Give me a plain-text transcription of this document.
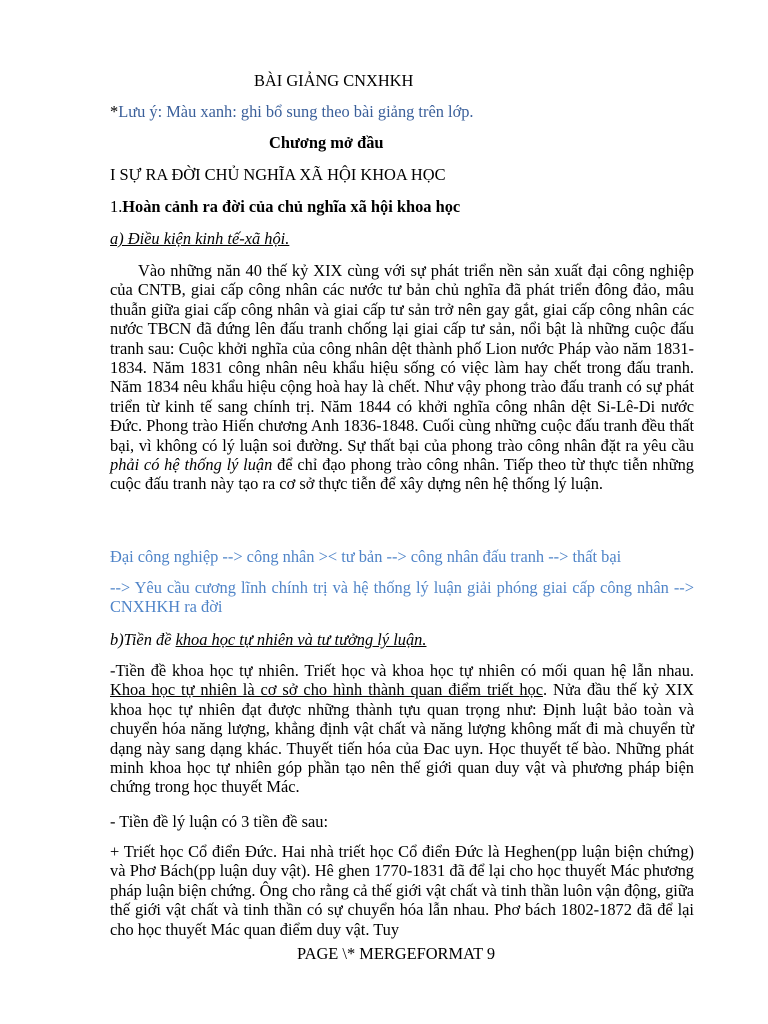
BÀI GIẢNG CNXHKH

*Lưu ý: Màu xanh: ghi bổ sung theo bài giảng trên lớp.

Chương mở đầu

I SỰ RA ĐỜI CHỦ NGHĨA XÃ HỘI KHOA HỌC

1.Hoàn cảnh ra đời của chủ nghĩa xã hội khoa học

a) Điều kiện kinh tế-xã hội.

Vào những năn 40 thế kỷ XIX cùng với sự phát triển nền sản xuất đại công nghiệp của CNTB, giai cấp công nhân các nước tư bản chủ nghĩa đã phát triển đông đảo, mâu thuẫn giữa giai cấp công nhân và giai cấp tư sản trở nên gay gắt, giai cấp công nhân các nước TBCN đã đứng lên đấu tranh chống lại giai cấp tư sản, nổi bật là những cuộc đấu tranh sau: Cuộc khởi nghĩa của công nhân dệt thành phố Lion nước Pháp vào năm 1831-1834. Năm 1831 công nhân nêu khẩu hiệu sống có việc làm hay chết trong đấu tranh. Năm 1834 nêu khẩu hiệu cộng hoà hay là chết. Như vậy phong trào đấu tranh có sự phát triển từ kinh tế sang chính trị. Năm 1844 có khởi nghĩa công nhân dệt Si-Lê-Di nước Đức. Phong trào Hiến chương Anh 1836-1848. Cuối cùng những cuộc đấu tranh đều thất bại, vì không có lý luận soi đường. Sự thất bại của phong trào công nhân đặt ra yêu cầu phải có hệ thống lý luận để chỉ đạo phong trào công nhân. Tiếp theo từ thực tiễn những cuộc đấu tranh này tạo ra cơ sở thực tiễn để xây dựng nên hệ thống lý luận.

Đại công nghiệp --> công nhân >< tư bản --> công nhân đấu tranh --> thất bại

--> Yêu cầu cương lĩnh chính trị và hệ thống lý luận giải phóng giai cấp công nhân --> CNXHKH ra đời

b)Tiền đề khoa học tự nhiên và tư tưởng lý luận.

-Tiền đề khoa học tự nhiên. Triết học và khoa học tự nhiên có mối quan hệ lẫn nhau. Khoa học tự nhiên là cơ sở cho hình thành quan điểm triết học. Nửa đầu thế kỷ XIX khoa học tự nhiên đạt được những thành tựu quan trọng như: Định luật bảo toàn và chuyển hóa năng lượng, khẳng định vật chất và năng lượng không mất đi mà chuyển từ dạng này sang dạng khác. Thuyết tiến hóa của Đac uyn. Học thuyết tế bào. Những phát minh khoa học tự nhiên góp phần tạo nên thế giới quan duy vật và phương pháp biện chứng trong học thuyết Mác.

- Tiền đề lý luận có 3 tiền đề sau:

+ Triết học Cổ điển Đức. Hai nhà triết học Cổ điển Đức là Heghen(pp luận biện chứng) và Phơ Bách(pp luận duy vật). Hê ghen 1770-1831 đã để lại cho học thuyết Mác phương pháp luận biện chứng. Ông cho rằng cả thế giới vật chất và tinh thần luôn vận động, giữa thế giới vật chất và tinh thần có sự chuyển hóa lẫn nhau. Phơ bách 1802-1872 đã để lại cho học thuyết Mác quan điểm duy vật. Tuy

PAGE \* MERGEFORMAT 9
